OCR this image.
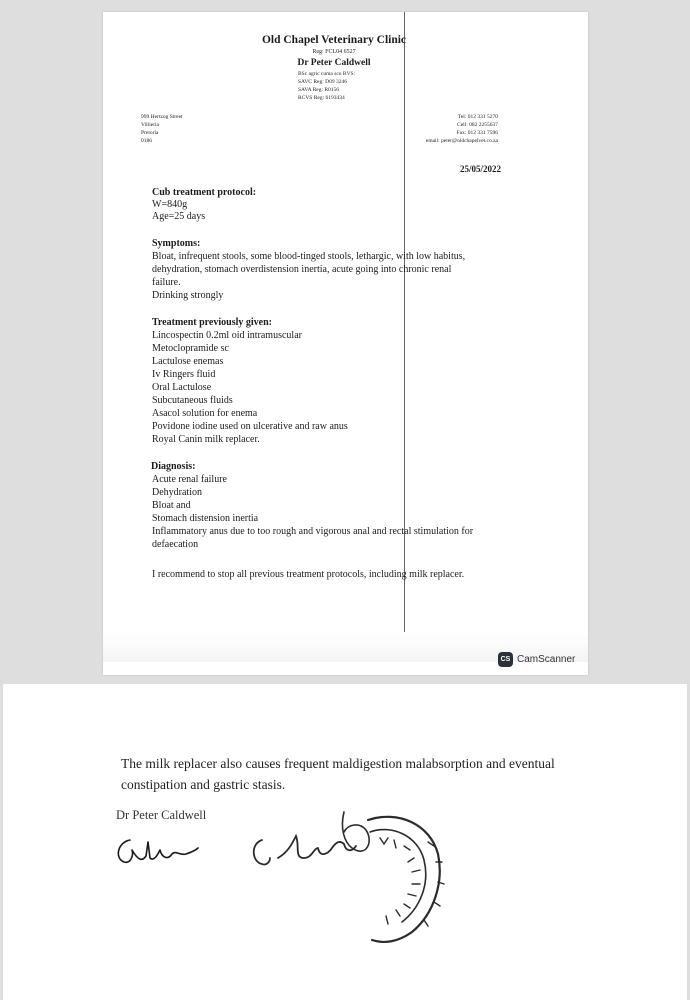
Old Chapel Veterinary Clinic
Reg: FCL04 6527
Dr Peter Caldwell
BSc agric cuma scu BVS:
SAVC Reg: D09 3246
SAVA Reg: R0156
RCVS Reg: 6193434
999 Hertzog Street
Villieria
Pretoria
0186
Tel: 012 331 5270
Cell: 082 2255637
Fax: 012 331 7596
email: peter@oldchapelvet.co.za
25/05/2022
Cub treatment protocol:
W=840g
Age=25 days
Symptoms:
Bloat, infrequent stools, some blood-tinged stools, lethargic, with low habitus,
dehydration, stomach overdistension inertia, acute going into chronic renal
failure.
Drinking strongly
Treatment previously given:
Lincospectin 0.2ml oid intramuscular
Metoclopramide sc
Lactulose enemas
Iv Ringers fluid
Oral Lactulose
Subcutaneous fluids
Asacol solution for enema
Povidone iodine used on ulcerative and raw anus
Royal Canin milk replacer.
Diagnosis:
Acute renal failure
Dehydration
Bloat and
Stomach distension inertia
Inflammatory anus due to too rough and vigorous anal and rectal stimulation for
defaecation
I recommend to stop all previous treatment protocols, including milk replacer.
CS CamScanner
The milk replacer also causes frequent maldigestion malabsorption and eventual
constipation and gastric stasis.
Dr Peter Caldwell
